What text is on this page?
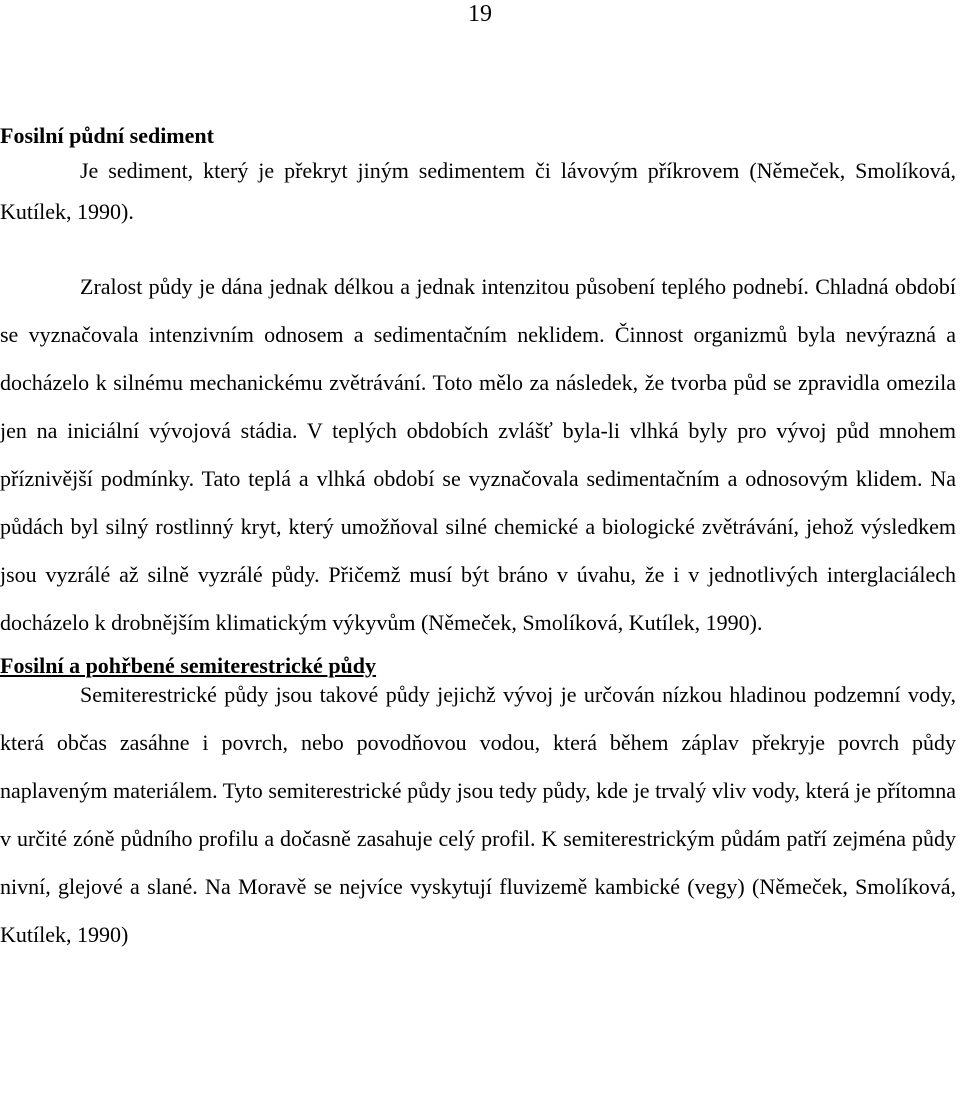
19
Fosilní půdní sediment

Je sediment, který je překryt jiným sedimentem či lávovým příkrovem (Němeček, Smolíková, Kutílek, 1990).

Zralost půdy je dána jednak délkou a jednak intenzitou působení teplého podnebí. Chladná období se vyznačovala intenzivním odnosem a sedimentačním neklidem. Činnost organizmů byla nevýrazná a docházelo k silnému mechanickému zvětrávání. Toto mělo za následek, že tvorba půd se zpravidla omezila jen na iniciální vývojová stádia. V teplých obdobích zvlášť byla-li vlhká byly pro vývoj půd mnohem příznivější podmínky. Tato teplá a vlhká období se vyznačovala sedimentačním a odnosovým klidem. Na půdách byl silný rostlinný kryt, který umožňoval silné chemické a biologické zvětrávání, jehož výsledkem jsou vyzrálé až silně vyzrálé půdy. Přičemž musí být bráno v úvahu, že i v jednotlivých interglaciálech docházelo k drobnějším klimatickým výkyvům (Němeček, Smolíková, Kutílek, 1990).

Fosilní a pohřbené semiterestrické půdy

Semiterestrické půdy jsou takové půdy jejichž vývoj je určován nízkou hladinou podzemní vody, která občas zasáhne i povrch, nebo povodňovou vodou, která během záplav překryje povrch půdy naplaveným materiálem. Tyto semiterestrické půdy jsou tedy půdy, kde je trvalý vliv vody, která je přítomna v určité zóně půdního profilu a dočasně zasahuje celý profil. K semiterestrickým půdám patří zejména půdy nivní, glejové a slané. Na Moravě se nejvíce vyskytují fluvizemě kambické (vegy) (Němeček, Smolíková, Kutílek, 1990)
